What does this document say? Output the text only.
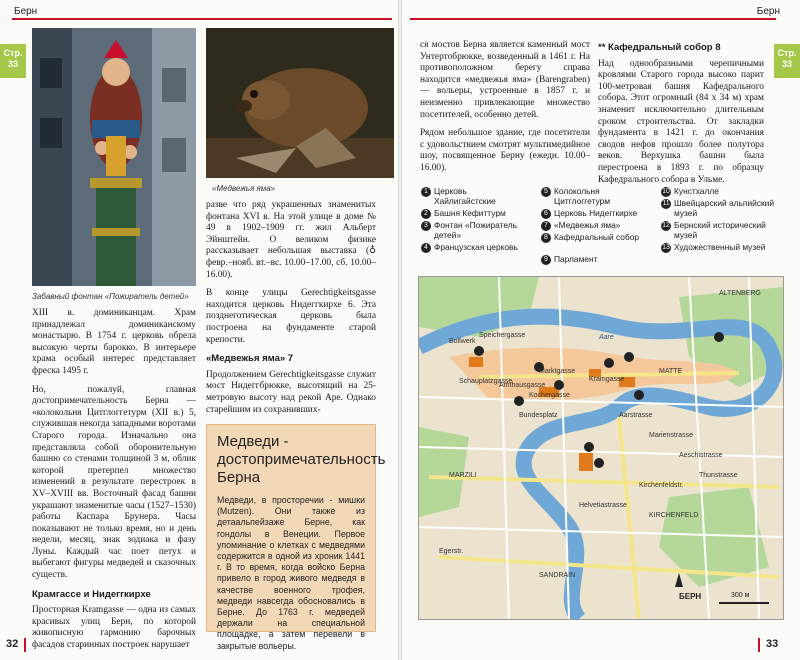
Берн
Стр. 33
Забавный фонтан «Пожиратель детей»
«Медвежья яма»

XIII в. доминиканцам. Храм принадлежал доминиканскому монастырю. В 1754 г. церковь обрела высокую черты барокко. В интерьере храма особый интерес представляет фреска 1495 г.

Но, пожалуй, главная достопримечательность Берна — «колокольня Цитглоггетурм (XII в.) 5, служившая некогда западными воротами Старого города. Изначально она представляла собой оборонительную башню со стенами толщиной 3 м, облик которой претерпел множество изменений в результате перестроек в XV–XVIII вв. Восточный фасад башни украшают знаменитые часы (1527–1530) работы Каспара Брунера. Часы показывают не только время, но и день недели, месяц, знак зодиака и фазу Луны. Каждый час поет петух и выбегают фигуры медведей и сказочных существ.

Крамгассе и Нидеггкирхе

Просторная Kramgasse — одна из самых красивых улиц Берн, по которой живописную гармонию барочных фасадов старинных построек нарушает

разве что ряд украшенных знаменитых фонтана XVI в. На этой улице в доме № 49 в 1902–1909 гг. жил Альберт Эйнштейн. О великом физике рассказывает небольшая выставка (♁ февр.–нояб. вт.–вс. 10.00–17.00, сб. 10.00–16.00).

В конце улицы Gerechtigkeitsgasse находится церковь Нидеггкирхе 6. Эта позднеготическая церковь была построена на фундаменте старой крепости.

«Медвежья яма» 7

Продолжением Gerechtigkeitsgasse служит мост Нидеггбрюкке, высотящий на 25-метровую высоту над рекой Аре. Однако старейшим из сохранивших-

Медведи - достопримечательность Берна
Медведи, в просторечии - мишки (Mutzen). Они также из детаальпейзаже Берне, как гондолы в Венеции. Первое упоминание о клетках с медведями содержится в одной из хроник 1441 г. В то время, когда войско Берна привело в город живого медведя в качестве военного трофея, медведи навсегда обосновались в Берне. До 1763 г. медведей держали на специальной площадке, а затем перевели в закрытые вольеры.
32
Берн
Стр. 33

ся мостов Берна является каменный мост Унтертобрюкке, возведенный в 1461 г. На противоположном берегу справа находится «медвежья яма» (Barengraben) — вольеры, устроенные в 1857 г. и неизменно привлекающие множество посетителей, особенно детей.

Рядом небольшое здание, где посетители с удовольствием смотрят мультимедийное шоу, посвященное Берну (ежедн. 10.00–16.00).

** Кафедральный собор 8

Над однообразными черепичными кровлями Старого города высоко парит 100-метровая башня Кафедрального собора. Этот огромный (84 х 34 м) храм знаменит исключительно длительным сроком строительства. От закладки фундамента в 1421 г. до окончания сводов нефов прошло более полутора веков. Верхушка башни была перестроена в 1893 г. по образцу Кафедрального собора в Ульме.

1 Церковь Хайлигайстские
2 Башня Кефиттурм
3 Фонтан «Пожиратель детей»
4 Французская церковь
5 Колокольня Цитглоггетурм
6 Церковь Нидеггкирхе
7 «Медвежья яма»
8 Кафедральный собор
9 Парламент
10 Кунстхалле
11 Швейцарский альпийский музей
12 Бернский исторический музей
13 Художественный музей
ALTENBERG
MATTE
MARZILI
KIRCHENFELD
SANDRAIN
Aare
Kramgasse
Kochergasse
Marktgasse
Amthausgasse
Schauplatzgasse
Bundesplatz	Aarstrasse
Bollwerk
Speichergasse
Aeschistrasse
Marienstrasse
Thunstrasse
Kirchenfeldstr.
Helvetiastrasse
Egerstr.
БЕРН	300 м
33
